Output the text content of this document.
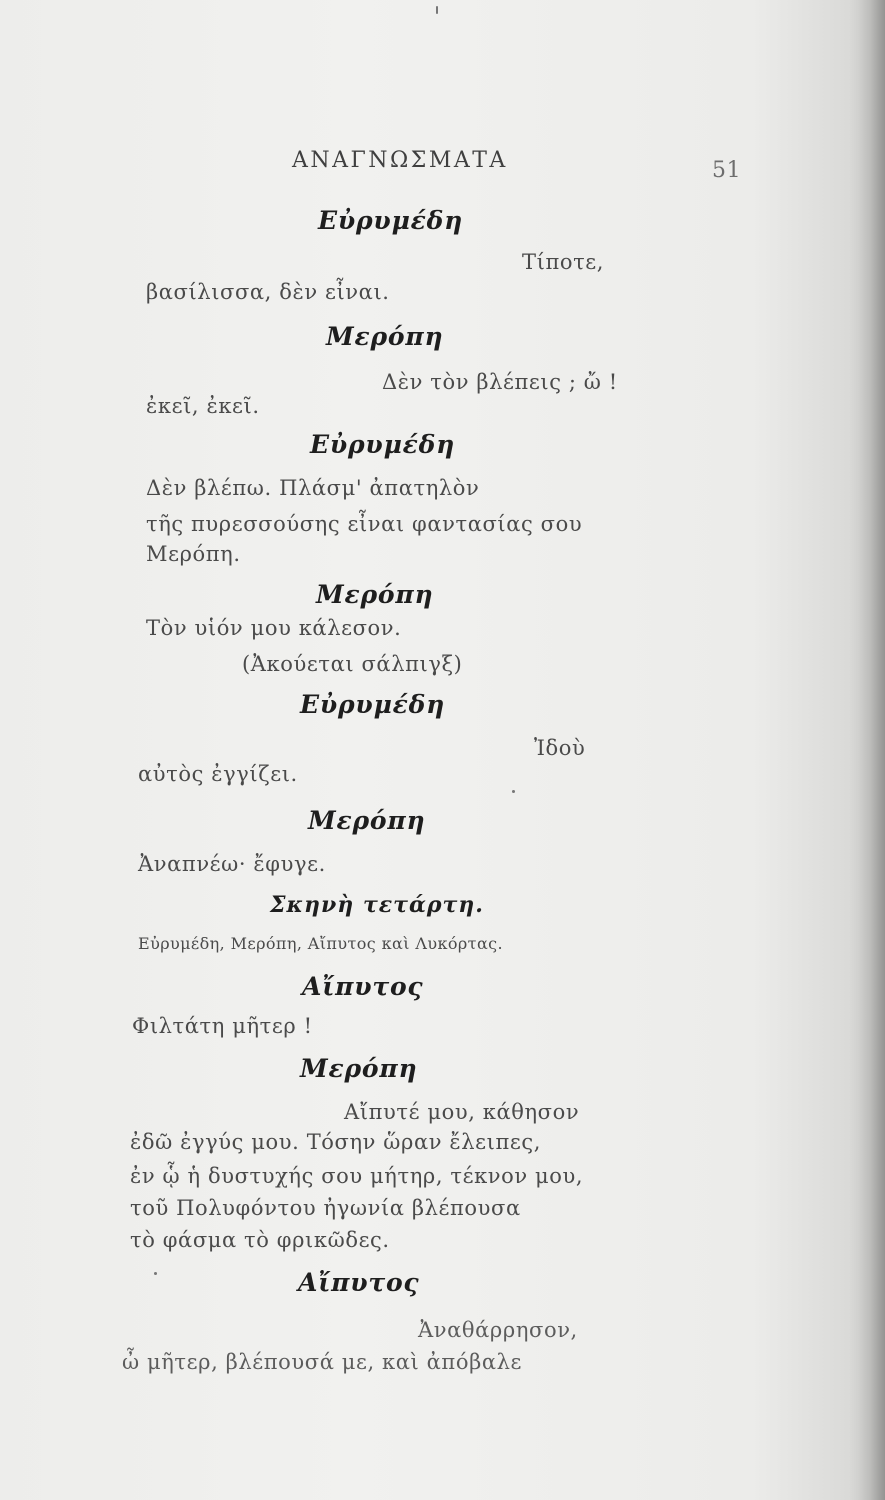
ΑΝΑΓΝΩΣΜΑΤΑ	51
Εὐρυμέδη
Τίποτε,
βασίλισσα, δὲν εἶναι.
Μερόπη
Δὲν τὸν βλέπεις ; ὤ !
ἐκεῖ, ἐκεῖ.
Εὐρυμέδη
Δὲν βλέπω. Πλάσμ' ἀπατηλὸν
τῆς πυρεσσούσης εἶναι φαντασίας σου
Μερόπη.
Μερόπη
Τὸν υἱόν μου κάλεσον.
(Ἀκούεται σάλπιγξ)
Εὐρυμέδη
Ἰδοὺ
αὐτὸς ἐγγίζει.
Μερόπη
Ἀναπνέω· ἔφυγε.
Σκηνὴ τετάρτη.
Εὐρυμέδη, Μερόπη, Αἴπυτος καὶ Λυκόρτας.
Αἴπυτος
Φιλτάτη μῆτερ !
Μερόπη
Αἴπυτέ μου, κάθησον
ἐδῶ ἐγγύς μου. Τόσην ὥραν ἔλειπες,
ἐν ᾧ ἡ δυστυχής σου μήτηρ, τέκνον μου,
τοῦ Πολυφόντου ἠγωνία βλέπουσα
τὸ φάσμα τὸ φρικῶδες.
Αἴπυτος
Ἀναθάρρησον,
ὦ μῆτερ, βλέπουσά με, καὶ ἀπόβαλε
